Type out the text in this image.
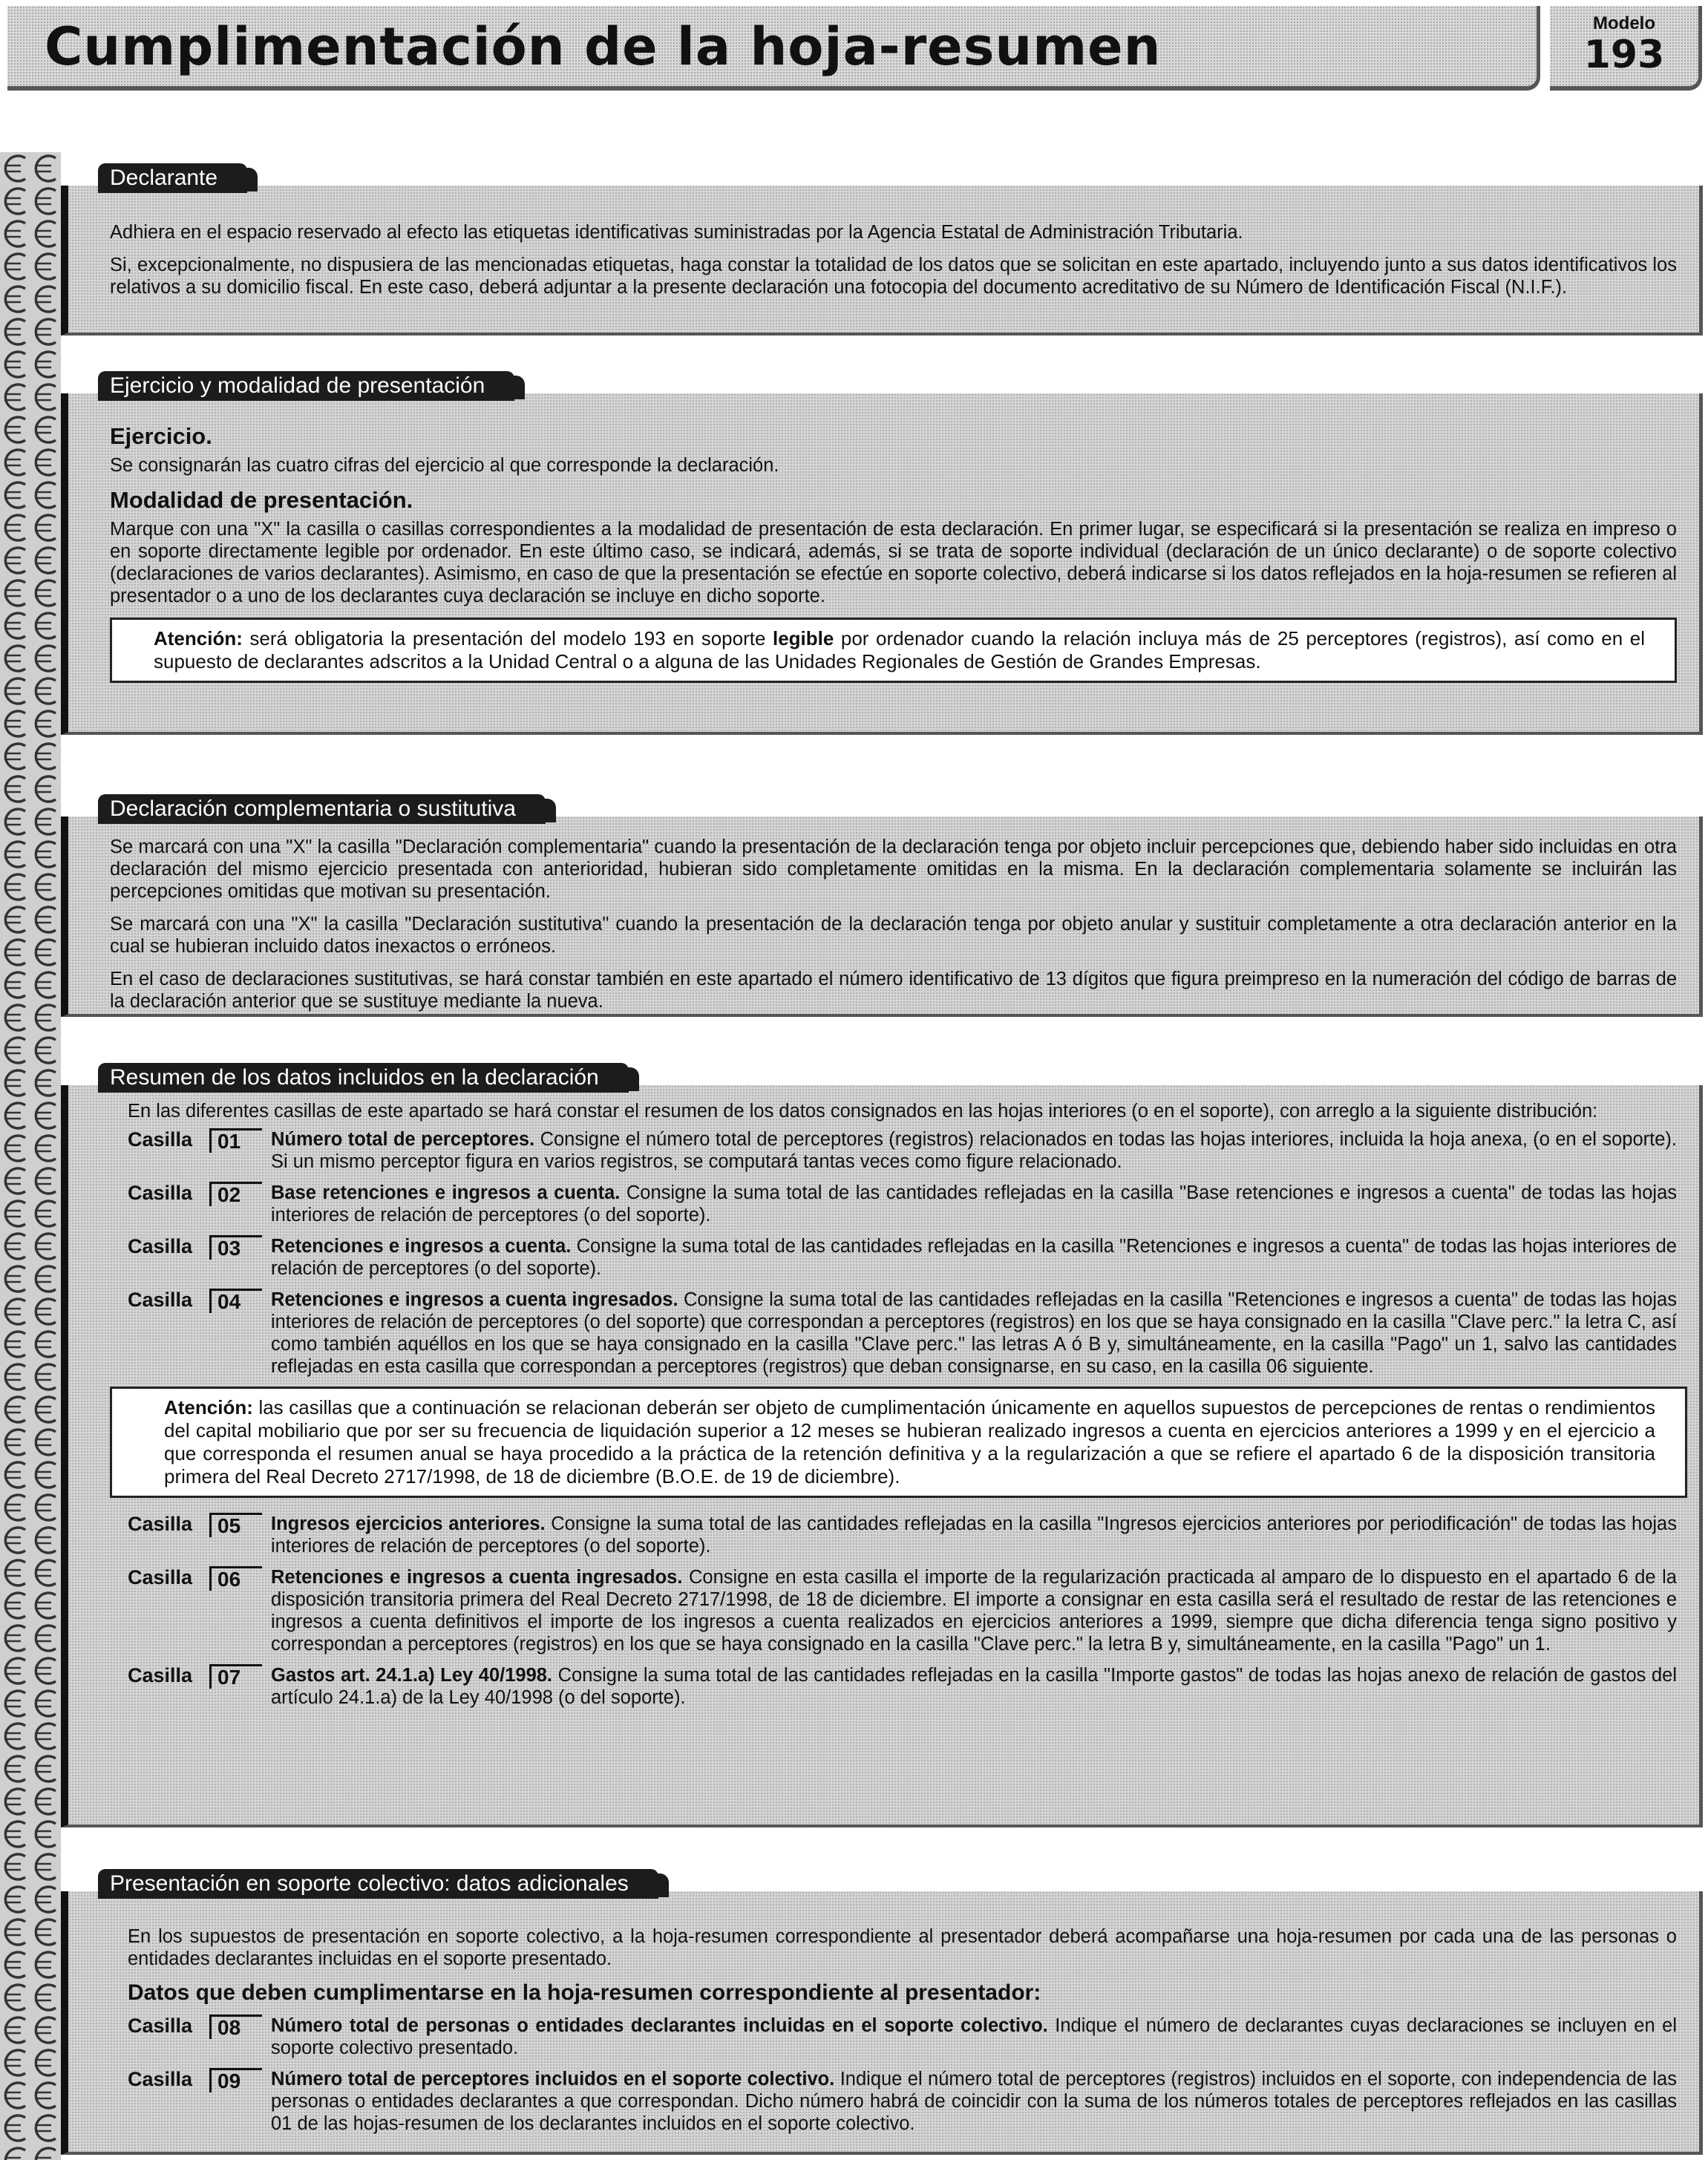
Cumplimentación de la hoja-resumen	Modelo
193
Declarante

Adhiera en el espacio reservado al efecto las etiquetas identificativas suministradas por la Agencia Estatal de Administración Tributaria.

Si, excepcionalmente, no dispusiera de las mencionadas etiquetas, haga constar la totalidad de los datos que se solicitan en este apartado, incluyendo junto a sus datos identificativos los relativos a su domicilio fiscal. En este caso, deberá adjuntar a la presente declaración una fotocopia del documento acreditativo de su Número de Identificación Fiscal (N.I.F.).

Ejercicio y modalidad de presentación
Ejercicio.

Se consignarán las cuatro cifras del ejercicio al que corresponde la declaración.

Modalidad de presentación.

Marque con una "X" la casilla o casillas correspondientes a la modalidad de presentación de esta declaración. En primer lugar, se especificará si la presentación se realiza en impreso o en soporte directamente legible por ordenador. En este último caso, se indicará, además, si se trata de soporte individual (declaración de un único declarante) o de soporte colectivo (declaraciones de varios declarantes). Asimismo, en caso de que la presentación se efectúe en soporte colectivo, deberá indicarse si los datos reflejados en la hoja-resumen se refieren al presentador o a uno de los declarantes cuya declaración se incluye en dicho soporte.

Atención: será obligatoria la presentación del modelo 193 en soporte legible por ordenador cuando la relación incluya más de 25 perceptores (registros), así como en el supuesto de declarantes adscritos a la Unidad Central o a alguna de las Unidades Regionales de Gestión de Grandes Empresas.
Declaración complementaria o sustitutiva

Se marcará con una "X" la casilla "Declaración complementaria" cuando la presentación de la declaración tenga por objeto incluir percepciones que, debiendo haber sido incluidas en otra declaración del mismo ejercicio presentada con anterioridad, hubieran sido completamente omitidas en la misma. En la declaración complementaria solamente se incluirán las percepciones omitidas que motivan su presentación.

Se marcará con una "X" la casilla "Declaración sustitutiva" cuando la presentación de la declaración tenga por objeto anular y sustituir completamente a otra declaración anterior en la cual se hubieran incluido datos inexactos o erróneos.

En el caso de declaraciones sustitutivas, se hará constar también en este apartado el número identificativo de 13 dígitos que figura preimpreso en la numeración del código de barras de la declaración anterior que se sustituye mediante la nueva.

Resumen de los datos incluidos en la declaración

En las diferentes casillas de este apartado se hará constar el resumen de los datos consignados en las hojas interiores (o en el soporte), con arreglo a la siguiente distribución:

Casilla	01	Número total de perceptores. Consigne el número total de perceptores (registros) relacionados en todas las hojas interiores, incluida la hoja anexa, (o en el soporte). Si un mismo perceptor figura en varios registros, se computará tantas veces como figure relacionado.
Casilla	02	Base retenciones e ingresos a cuenta. Consigne la suma total de las cantidades reflejadas en la casilla "Base retenciones e ingresos a cuenta" de todas las hojas interiores de relación de perceptores (o del soporte).
Casilla	03	Retenciones e ingresos a cuenta. Consigne la suma total de las cantidades reflejadas en la casilla "Retenciones e ingresos a cuenta" de todas las hojas interiores de relación de perceptores (o del soporte).
Casilla	04	Retenciones e ingresos a cuenta ingresados. Consigne la suma total de las cantidades reflejadas en la casilla "Retenciones e ingresos a cuenta" de todas las hojas interiores de relación de perceptores (o del soporte) que correspondan a perceptores (registros) en los que se haya consignado en la casilla "Clave perc." la letra C, así como también aquéllos en los que se haya consignado en la casilla "Clave perc." las letras A ó B y, simultáneamente, en la casilla "Pago" un 1, salvo las cantidades reflejadas en esta casilla que correspondan a perceptores (registros) que deban consignarse, en su caso, en la casilla 06 siguiente.
Atención: las casillas que a continuación se relacionan deberán ser objeto de cumplimentación únicamente en aquellos supuestos de percepciones de rentas o rendimientos del capital mobiliario que por ser su frecuencia de liquidación superior a 12 meses se hubieran realizado ingresos a cuenta en ejercicios anteriores a 1999 y en el ejercicio a que corresponda el resumen anual se haya procedido a la práctica de la retención definitiva y a la regularización a que se refiere el apartado 6 de la disposición transitoria primera del Real Decreto 2717/1998, de 18 de diciembre (B.O.E. de 19 de diciembre).
Casilla	05	Ingresos ejercicios anteriores. Consigne la suma total de las cantidades reflejadas en la casilla "Ingresos ejercicios anteriores por periodificación" de todas las hojas interiores de relación de perceptores (o del soporte).
Casilla	06	Retenciones e ingresos a cuenta ingresados. Consigne en esta casilla el importe de la regularización practicada al amparo de lo dispuesto en el apartado 6 de la disposición transitoria primera del Real Decreto 2717/1998, de 18 de diciembre. El importe a consignar en esta casilla será el resultado de restar de las retenciones e ingresos a cuenta definitivos el importe de los ingresos a cuenta realizados en ejercicios anteriores a 1999, siempre que dicha diferencia tenga signo positivo y correspondan a perceptores (registros) en los que se haya consignado en la casilla "Clave perc." la letra B y, simultáneamente, en la casilla "Pago" un 1.
Casilla	07	Gastos art. 24.1.a) Ley 40/1998. Consigne la suma total de las cantidades reflejadas en la casilla "Importe gastos" de todas las hojas anexo de relación de gastos del artículo 24.1.a) de la Ley 40/1998 (o del soporte).
Presentación en soporte colectivo: datos adicionales

En los supuestos de presentación en soporte colectivo, a la hoja-resumen correspondiente al presentador deberá acompañarse una hoja-resumen por cada una de las personas o entidades declarantes incluidas en el soporte presentado.

Datos que deben cumplimentarse en la hoja-resumen correspondiente al presentador:
Casilla	08	Número total de personas o entidades declarantes incluidas en el soporte colectivo. Indique el número de declarantes cuyas declaraciones se incluyen en el soporte colectivo presentado.
Casilla	09	Número total de perceptores incluidos en el soporte colectivo. Indique el número total de perceptores (registros) incluidos en el soporte, con independencia de las personas o entidades declarantes a que correspondan. Dicho número habrá de coincidir con la suma de los números totales de perceptores reflejados en las casillas 01 de las hojas-resumen de los declarantes incluidos en el soporte colectivo.
